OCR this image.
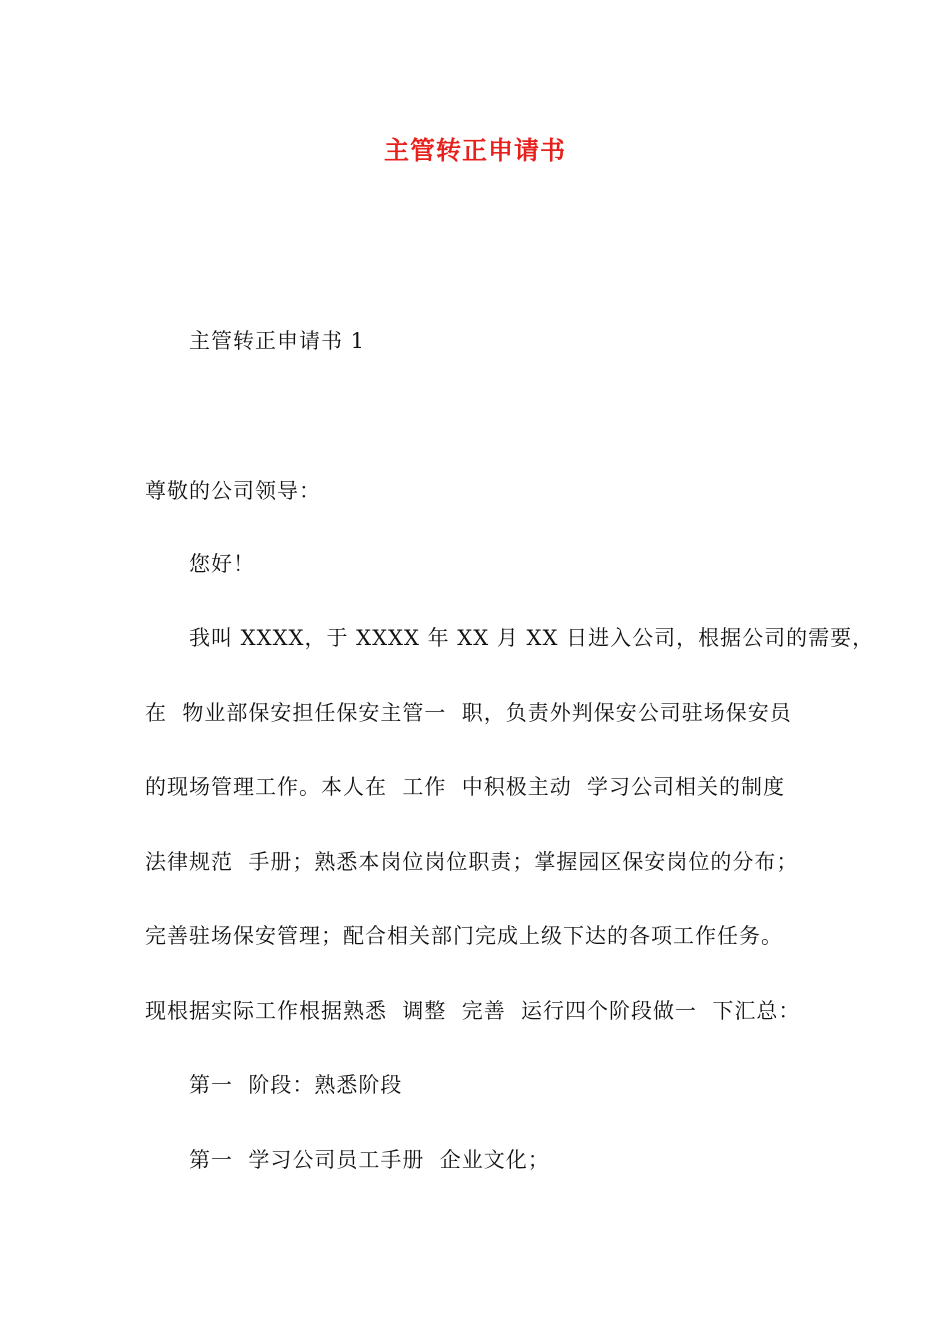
主管转正申请书
主管转正申请书 1
尊敬的公司领导：
您好！
我叫 XXXX，于 XXXX 年 XX 月 XX 日进入公司，根据公司的需要，
在  物业部保安担任保安主管一  职，负责外判保安公司驻场保安员
的现场管理工作。本人在  工作  中积极主动  学习公司相关的制度
法律规范  手册；熟悉本岗位岗位职责；掌握园区保安岗位的分布；
完善驻场保安管理；配合相关部门完成上级下达的各项工作任务。
现根据实际工作根据熟悉  调整  完善  运行四个阶段做一  下汇总：
第一  阶段：熟悉阶段
第一  学习公司员工手册  企业文化；
